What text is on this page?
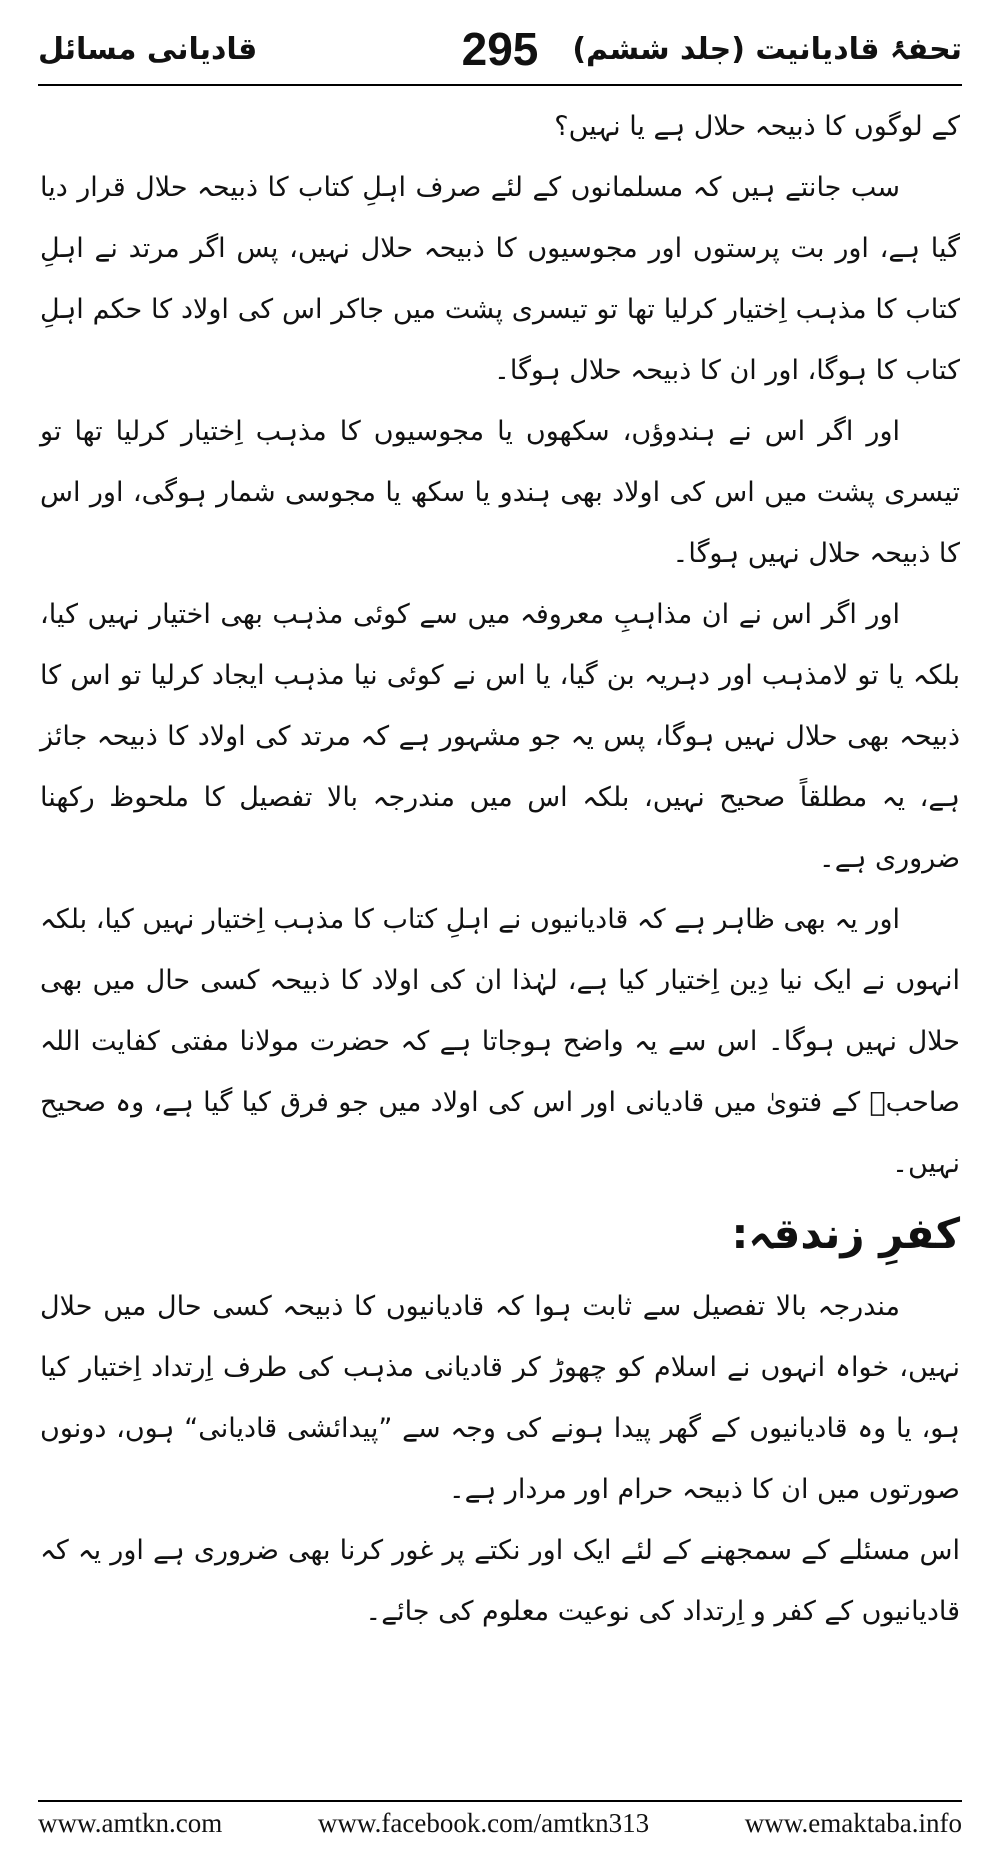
تحفۂ قادیانیت (جلد ششم)
295
قادیانی مسائل

کے لوگوں کا ذبیحہ حلال ہے یا نہیں؟

سب جانتے ہیں کہ مسلمانوں کے لئے صرف اہلِ کتاب کا ذبیحہ حلال قرار دیا گیا ہے، اور بت پرستوں اور مجوسیوں کا ذبیحہ حلال نہیں، پس اگر مرتد نے اہلِ کتاب کا مذہب اِختیار کرلیا تھا تو تیسری پشت میں جاکر اس کی اولاد کا حکم اہلِ کتاب کا ہوگا، اور ان کا ذبیحہ حلال ہوگا۔

اور اگر اس نے ہندوؤں، سکھوں یا مجوسیوں کا مذہب اِختیار کرلیا تھا تو تیسری پشت میں اس کی اولاد بھی ہندو یا سکھ یا مجوسی شمار ہوگی، اور اس کا ذبیحہ حلال نہیں ہوگا۔

اور اگر اس نے ان مذاہبِ معروفہ میں سے کوئی مذہب بھی اختیار نہیں کیا، بلکہ یا تو لامذہب اور دہریہ بن گیا، یا اس نے کوئی نیا مذہب ایجاد کرلیا تو اس کا ذبیحہ بھی حلال نہیں ہوگا، پس یہ جو مشہور ہے کہ مرتد کی اولاد کا ذبیحہ جائز ہے، یہ مطلقاً صحیح نہیں، بلکہ اس میں مندرجہ بالا تفصیل کا ملحوظ رکھنا ضروری ہے۔

اور یہ بھی ظاہر ہے کہ قادیانیوں نے اہلِ کتاب کا مذہب اِختیار نہیں کیا، بلکہ انہوں نے ایک نیا دِین اِختیار کیا ہے، لہٰذا ان کی اولاد کا ذبیحہ کسی حال میں بھی حلال نہیں ہوگا۔ اس سے یہ واضح ہوجاتا ہے کہ حضرت مولانا مفتی کفایت اللہ صاحبؒ کے فتویٰ میں قادیانی اور اس کی اولاد میں جو فرق کیا گیا ہے، وہ صحیح نہیں۔

کفرِ زندقہ:

مندرجہ بالا تفصیل سے ثابت ہوا کہ قادیانیوں کا ذبیحہ کسی حال میں حلال نہیں، خواہ انہوں نے اسلام کو چھوڑ کر قادیانی مذہب کی طرف اِرتداد اِختیار کیا ہو، یا وہ قادیانیوں کے گھر پیدا ہونے کی وجہ سے ”پیدائشی قادیانی“ ہوں، دونوں صورتوں میں ان کا ذبیحہ حرام اور مردار ہے۔

اس مسئلے کے سمجھنے کے لئے ایک اور نکتے پر غور کرنا بھی ضروری ہے اور یہ کہ قادیانیوں کے کفر و اِرتداد کی نوعیت معلوم کی جائے۔

www.amtkn.com	www.facebook.com/amtkn313	www.emaktaba.info
